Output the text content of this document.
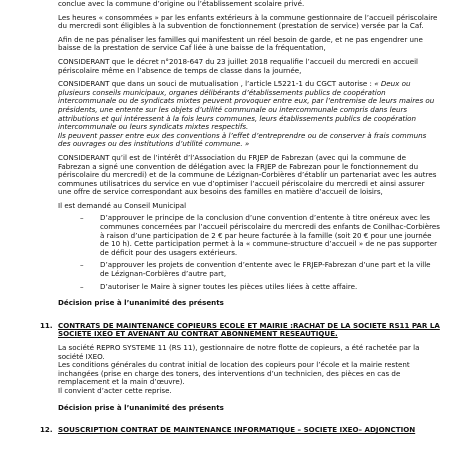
conclue avec la commune d’origine ou l’établissement scolaire privé.

Les heures « consommées » par les enfants extérieurs à la commune gestionnaire de l’accueil périscolaire du mercredi sont éligibles à la subvention de fonctionnement (prestation de service) versée par la Caf.

Afin de ne pas pénaliser les familles qui manifestent un réel besoin de garde, et ne pas engendrer une baisse de la prestation de service Caf liée à une baisse de la fréquentation,

CONSIDERANT que le décret n°2018-647 du 23 juillet 2018 requalifie l’accueil du mercredi en accueil périscolaire même en l’absence de temps de classe dans la journée,

CONSIDERANT que dans un souci de mutualisation , l’article L5221-1 du CGCT autorise : « Deux ou plusieurs conseils municipaux, organes délibérants d’établissements publics de coopération intercommunale ou de syndicats mixtes peuvent provoquer entre eux, par l’entremise de leurs maires ou présidents, une entente sur les objets d’utilité communale ou intercommunale compris dans leurs attributions et qui intéressent à la fois leurs communes, leurs établissements publics de coopération intercommunale ou leurs syndicats mixtes respectifs.

Ils peuvent passer entre eux des conventions à l’effet d’entreprendre ou de conserver à frais communs des ouvrages ou des institutions d’utilité commune. »

CONSIDERANT qu’il est de l’intérêt d’l’Association du FRJEP de Fabrezan (avec qui la commune de Fabrezan a signé une convention de délégation avec la FRJEP de Fabrezan pour le fonctionnement du périscolaire du mercredi) et de la commune de Lézignan-Corbières d’établir un partenariat avec les autres communes utilisatrices du service en vue d’optimiser l’accueil périscolaire du mercredi et ainsi assurer une offre de service correspondant aux besoins des familles en matière d’accueil de loisirs,

Il est demandé au Conseil Municipal

– D’approuver le principe de la conclusion d’une convention d’entente à titre onéreux avec les communes concernées par l’accueil périscolaire du mercredi des enfants de Conilhac-Corbières à raison d’une participation de 2 € par heure facturée à la famille (soit 20 € pour une journée de 10 h). Cette participation permet à la « commune-structure d’accueil » de ne pas supporter de déficit pour des usagers extérieurs.
– D’approuver les projets de convention d’entente avec le FRJEP-Fabrezan d’une part et la ville de Lézignan-Corbières d’autre part,
– D’autoriser le Maire à signer toutes les pièces utiles liées à cette affaire.

Décision prise à l’unanimité des présents

11. CONTRATS DE MAINTENANCE COPIEURS ECOLE ET MAIRIE :RACHAT DE LA SOCIETE RS11 PAR LA SOCIETE IXEO ET AVENANT AU CONTRAT ABONNEMENT RESEAUTIQUE.

La société REPRO SYSTEME 11 (RS 11), gestionnaire de notre flotte de copieurs, a été rachetée par la société IXEO.

Les conditions générales du contrat initial de location des copieurs pour l’école et la mairie restent inchangées (prise en charge des toners, des interventions d’un technicien, des pièces en cas de remplacement et la main d’œuvre).

Il convient d’acter cette reprise.

Décision prise à l’unanimité des présents

12. SOUSCRIPTION CONTRAT DE MAINTENANCE INFORMATIQUE – SOCIETE IXEO– ADJONCTION
